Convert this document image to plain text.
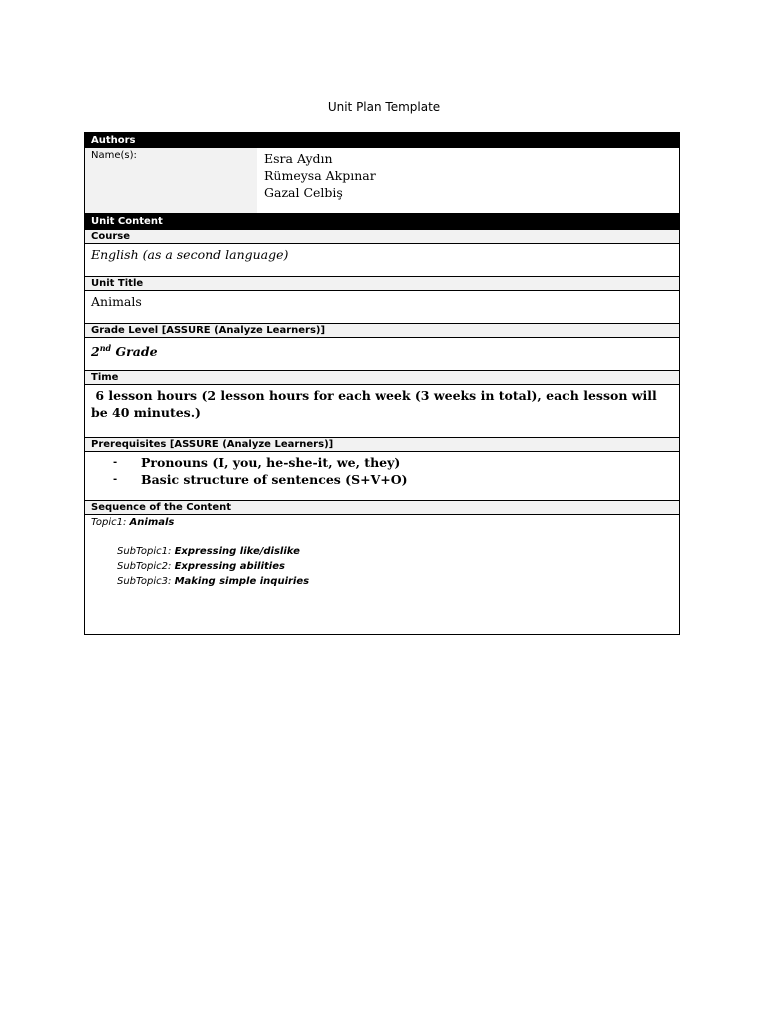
Unit Plan Template
Authors
Name(s):	Esra Aydın
Rümeysa Akpınar
Gazal Celbiş
Unit Content
Course
English (as a second language)
Unit Title
Animals
Grade Level [ASSURE (Analyze Learners)]
2nd Grade
Time
6 lesson hours (2 lesson hours for each week (3 weeks in total), each lesson will be 40 minutes.)
Prerequisites [ASSURE (Analyze Learners)]
-	Pronouns (I, you, he-she-it, we, they)
-	Basic structure of sentences (S+V+O)
Sequence of the Content
Topic1: Animals
SubTopic1: Expressing like/dislike
SubTopic2: Expressing abilities
SubTopic3: Making simple inquiries
